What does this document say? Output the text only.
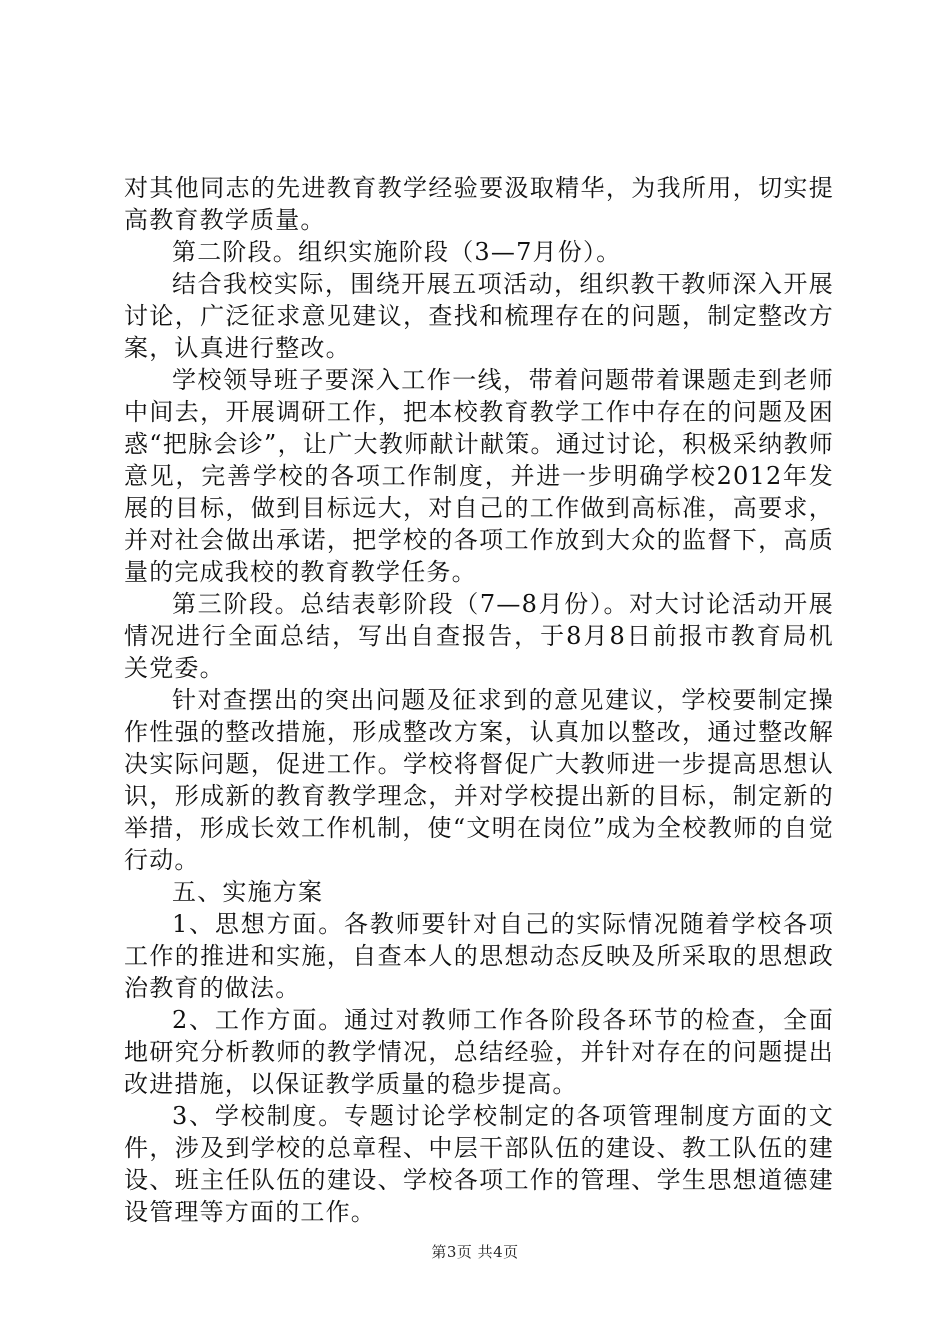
对其他同志的先进教育教学经验要汲取精华，为我所用，切实提高教育教学质量。

第二阶段。组织实施阶段（3—7月份）。

结合我校实际，围绕开展五项活动，组织教干教师深入开展讨论，广泛征求意见建议，查找和梳理存在的问题，制定整改方案，认真进行整改。

学校领导班子要深入工作一线，带着问题带着课题走到老师中间去，开展调研工作，把本校教育教学工作中存在的问题及困惑“把脉会诊”，让广大教师献计献策。通过讨论，积极采纳教师意见，完善学校的各项工作制度，并进一步明确学校2012年发展的目标，做到目标远大，对自己的工作做到高标准，高要求，并对社会做出承诺，把学校的各项工作放到大众的监督下，高质量的完成我校的教育教学任务。

第三阶段。总结表彰阶段（7—8月份）。对大讨论活动开展情况进行全面总结，写出自查报告，于8月8日前报市教育局机关党委。

针对查摆出的突出问题及征求到的意见建议，学校要制定操作性强的整改措施，形成整改方案，认真加以整改，通过整改解决实际问题，促进工作。学校将督促广大教师进一步提高思想认识，形成新的教育教学理念，并对学校提出新的目标，制定新的举措，形成长效工作机制，使“文明在岗位”成为全校教师的自觉行动。

五、实施方案

1、思想方面。各教师要针对自己的实际情况随着学校各项工作的推进和实施，自查本人的思想动态反映及所采取的思想政治教育的做法。

2、工作方面。通过对教师工作各阶段各环节的检查，全面地研究分析教师的教学情况，总结经验，并针对存在的问题提出改进措施，以保证教学质量的稳步提高。

3、学校制度。专题讨论学校制定的各项管理制度方面的文件，涉及到学校的总章程、中层干部队伍的建设、教工队伍的建设、班主任队伍的建设、学校各项工作的管理、学生思想道德建设管理等方面的工作。

第3页 共4页
